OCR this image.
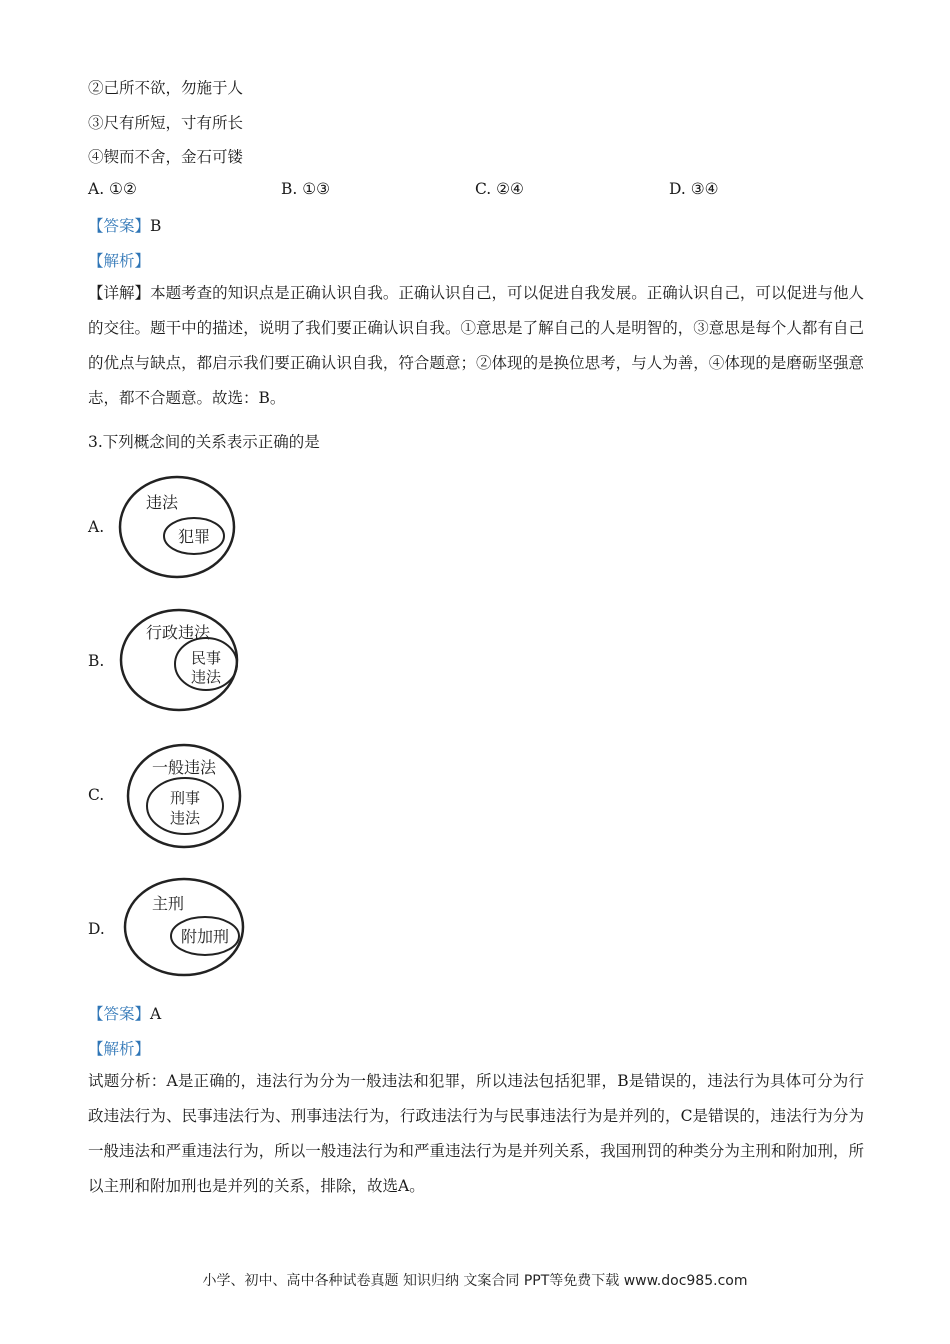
②己所不欲，勿施于人
③尺有所短，寸有所长
④锲而不舍，金石可镂
A. ①②	B. ①③	C. ②④	D. ③④
【答案】B
【解析】
【详解】本题考查的知识点是正确认识自我。正确认识自己，可以促进自我发展。正确认识自己，可以促进与他人的交往。题干中的描述，说明了我们要正确认识自我。①意思是了解自己的人是明智的，③意思是每个人都有自己的优点与缺点，都启示我们要正确认识自我，符合题意；②体现的是换位思考，与人为善，④体现的是磨砺坚强意志，都不合题意。故选：B。
3.下列概念间的关系表示正确的是
A.
违法
犯罪
B.
行政违法
民事
违法
C.
一般违法
刑事
违法
D.
主刑
附加刑
【答案】A
【解析】
试题分析：A是正确的，违法行为分为一般违法和犯罪，所以违法包括犯罪，B是错误的，违法行为具体可分为行政违法行为、民事违法行为、刑事违法行为，行政违法行为与民事违法行为是并列的，C是错误的，违法行为分为一般违法和严重违法行为，所以一般违法行为和严重违法行为是并列关系，我国刑罚的种类分为主刑和附加刑，所以主刑和附加刑也是并列的关系，排除，故选A。
小学、初中、高中各种试卷真题 知识归纳 文案合同 PPT等免费下载 www.doc985.com
